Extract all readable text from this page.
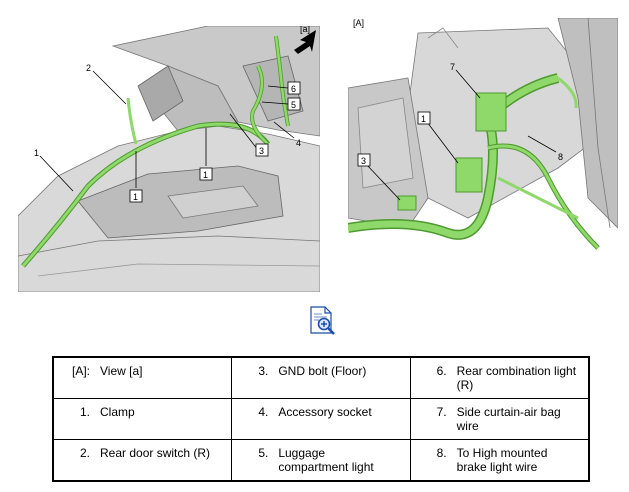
[a]
1
2
1
1
3
4
5
6
[A]
7
1
3	8
[A]: View [a]	3. GND bolt (Floor)	6. Rear combination light (R)
1. Clamp	4. Accessory socket	7. Side curtain-air bag wire
2. Rear door switch (R)	5. Luggage compartment light	8. To High mounted brake light wire
